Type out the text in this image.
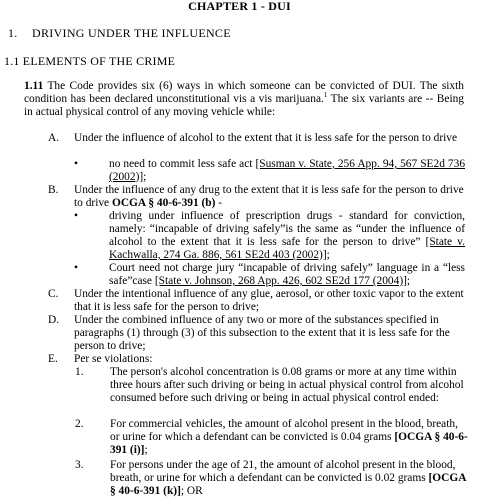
CHAPTER 1 - DUI
1. DRIVING UNDER THE INFLUENCE
1.1 ELEMENTS OF THE CRIME
1.11 The Code provides six (6) ways in which someone can be convicted of DUI. The sixth condition has been declared unconstitutional vis a vis marijuana.$^1$ The six variants are -- Being in actual physical control of any moving vehicle while:
A. Under the influence of alcohol to the extent that it is less safe for the person to drive
•	no need to commit less safe act [Susman v. State, 256 App. 94, 567 SE2d 736 (2002)];
B. Under the influence of any drug to the extent that it is less safe for the person to drive to drive OCGA § 40-6-391 (b) -
•	driving under influence of prescription drugs - standard for conviction, namely: “incapable of driving safely”is the same as “under the influence of alcohol to the extent that it is less safe for the person to drive” [State v. Kachwalla, 274 Ga. 886, 561 SE2d 403 (2002)];
•	Court need not charge jury “incapable of driving safely” language in a “less safe”case [State v. Johnson, 268 App. 426, 602 SE2d 177 (2004)];
C. Under the intentional influence of any glue, aerosol, or other toxic vapor to the extent that it is less safe for the person to drive;
D. Under the combined influence of any two or more of the substances specified in paragraphs (1) through (3) of this subsection to the extent that it is less safe for the person to drive;
E. Per se violations:
1. The person's alcohol concentration is 0.08 grams or more at any time within three hours after such driving or being in actual physical control from alcohol consumed before such driving or being in actual physical control ended:
2. For commercial vehicles, the amount of alcohol present in the blood, breath, or urine for which a defendant can be convicted is 0.04 grams [OCGA § 40-6-391 (i)];
3. For persons under the age of 21, the amount of alcohol present in the blood, breath, or urine for which a defendant can be convicted is 0.02 grams [OCGA § 40-6-391 (k)]; OR
